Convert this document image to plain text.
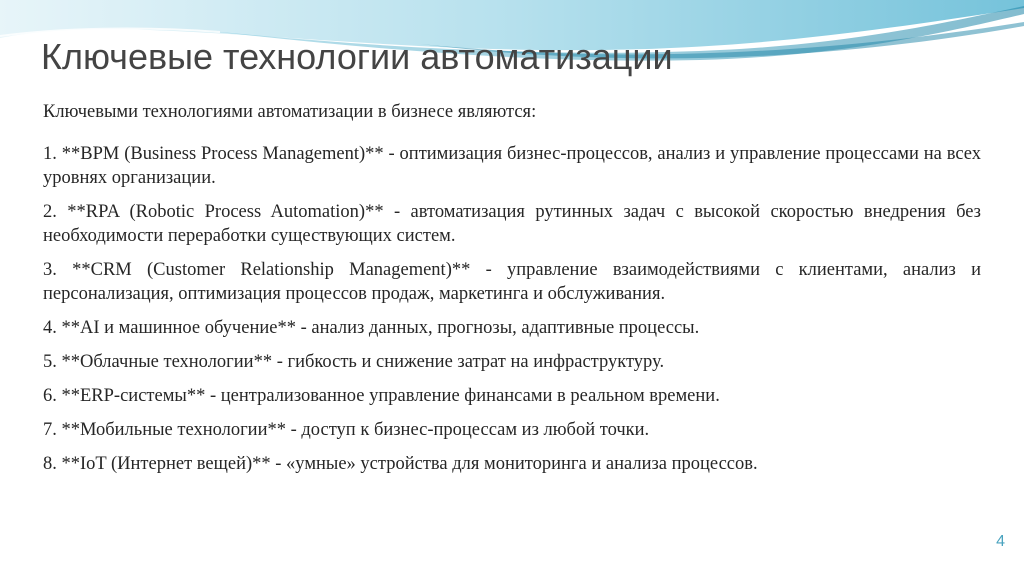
Ключевые технологии автоматизации

Ключевыми технологиями автоматизации в бизнесе являются:

1. **BPM (Business Process Management)** - оптимизация бизнес-процессов, анализ и управление процессами на всех уровнях организации.

2. **RPA (Robotic Process Automation)** - автоматизация рутинных задач с высокой скоростью внедрения без необходимости переработки существующих систем.

3. **CRM (Customer Relationship Management)** - управление взаимодействиями с клиентами, анализ и персонализация, оптимизация процессов продаж, маркетинга и обслуживания.

4. **AI и машинное обучение** - анализ данных, прогнозы, адаптивные процессы.

5. **Облачные технологии** - гибкость и снижение затрат на инфраструктуру.

6. **ERP-системы** - централизованное управление финансами в реальном времени.

7. **Мобильные технологии** - доступ к бизнес-процессам из любой точки.

8. **IoT (Интернет вещей)** - «умные» устройства для мониторинга и анализа процессов.

4
